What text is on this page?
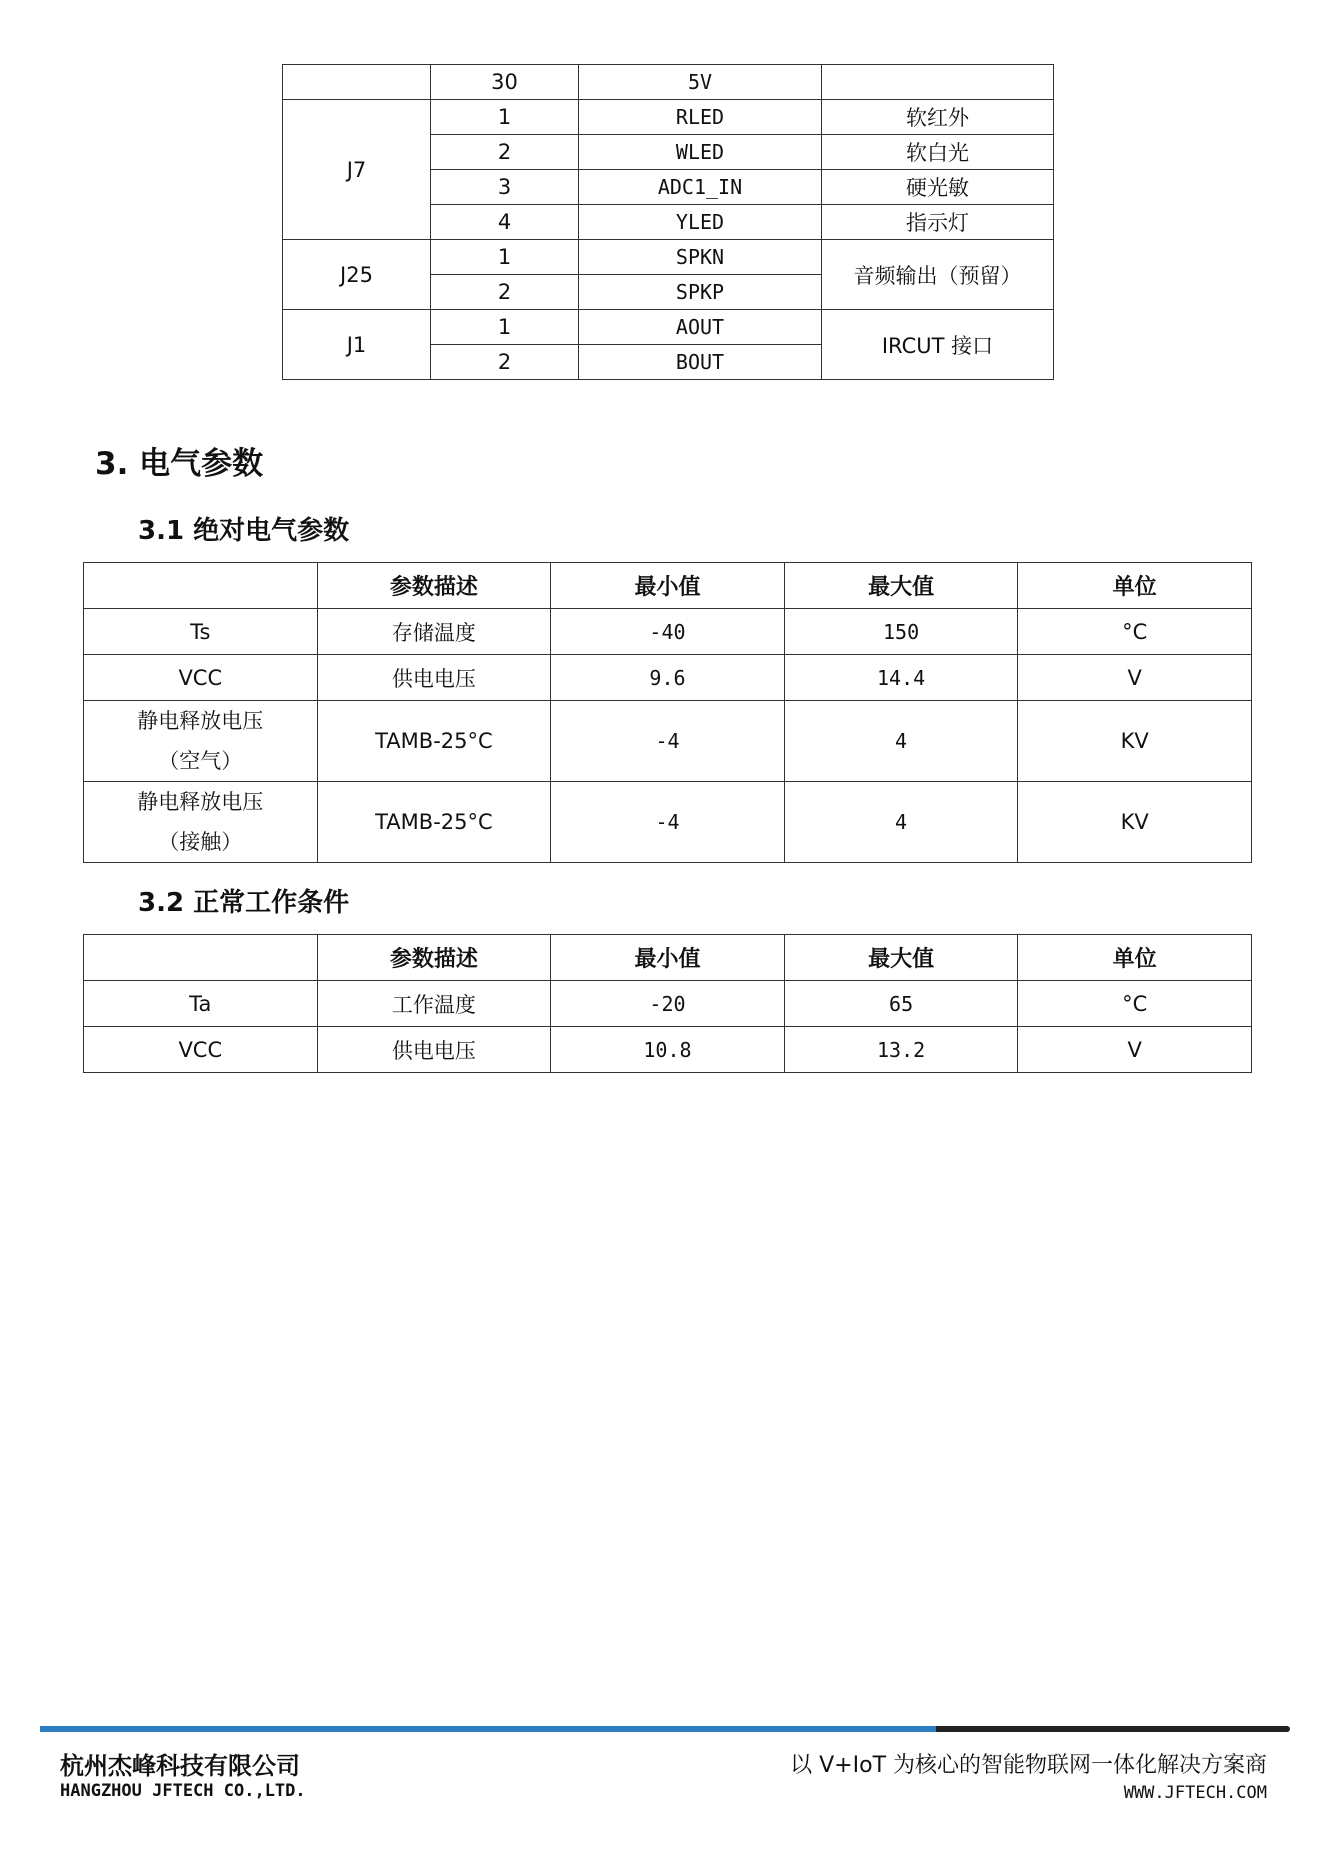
	30	5V	
J7	1	RLED	软红外
	2	WLED	软白光
	3	ADC1_IN	硬光敏
	4	YLED	指示灯
J25	1	SPKN	音频输出（预留）
	2	SPKP	
J1	1	AOUT	IRCUT 接口
	2	BOUT	
3. 电气参数
3.1 绝对电气参数
	参数描述	最小值	最大值	单位
Ts	存储温度	-40	150	°C
VCC	供电电压	9.6	14.4	V
静电释放电压
（空气）	TAMB-25°C	-4	4	KV
静电释放电压
（接触）	TAMB-25°C	-4	4	KV
3.2 正常工作条件
	参数描述	最小值	最大值	单位
Ta	工作温度	-20	65	°C
VCC	供电电压	10.8	13.2	V
杭州杰峰科技有限公司
HANGZHOU JFTECH CO.,LTD.
以 V+IoT 为核心的智能物联网一体化解决方案商
WWW.JFTECH.COM
